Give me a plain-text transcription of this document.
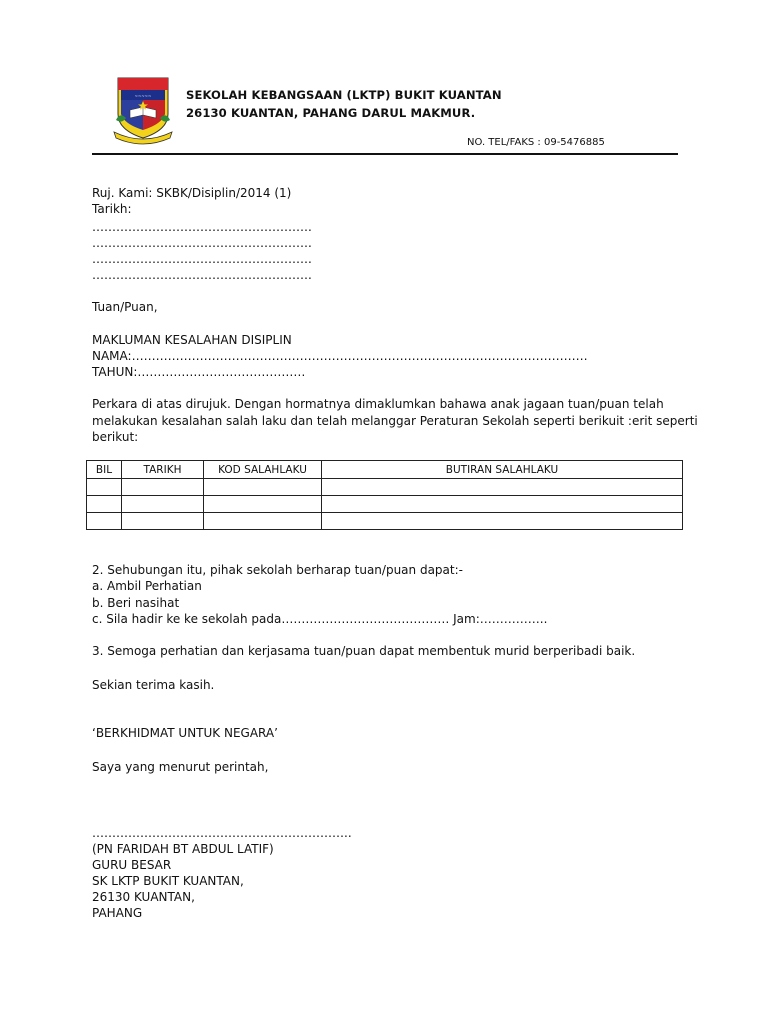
~~~~~	SEKOLAH KEBANGSAAN (LKTP) BUKIT KUANTAN
26130 KUANTAN, PAHANG DARUL MAKMUR.
NO. TEL/FAKS : 09-5476885
Ruj. Kami: SKBK/Disiplin/2014 (1)
Tarikh:
……………………………………………….
……………………………………………….
……………………………………………….
……………………………………………….
Tuan/Puan,
MAKLUMAN KESALAHAN DISIPLIN
NAMA:……………………………………………………………………………………………………
TAHUN:……………………………………
Perkara di atas dirujuk. Dengan hormatnya dimaklumkan bahawa anak jagaan tuan/puan telah
melakukan kesalahan salah laku dan telah melanggar Peraturan Sekolah seperti berikuit :erit seperti
berikut:
BIL	TARIKH	KOD SALAHLAKU	BUTIRAN SALAHLAKU

2. Sehubungan itu, pihak sekolah berharap tuan/puan dapat:-
a. Ambil Perhatian
b. Beri nasihat
c. Sila hadir ke ke sekolah pada…………………………………… Jam:……………..
3. Semoga perhatian dan kerjasama tuan/puan dapat membentuk murid berperibadi baik.
Sekian terima kasih.
‘BERKHIDMAT UNTUK NEGARA’
Saya yang menurut perintah,
………………………………………………………..
(PN FARIDAH BT ABDUL LATIF)
GURU BESAR
SK LKTP BUKIT KUANTAN,
26130 KUANTAN,
PAHANG
